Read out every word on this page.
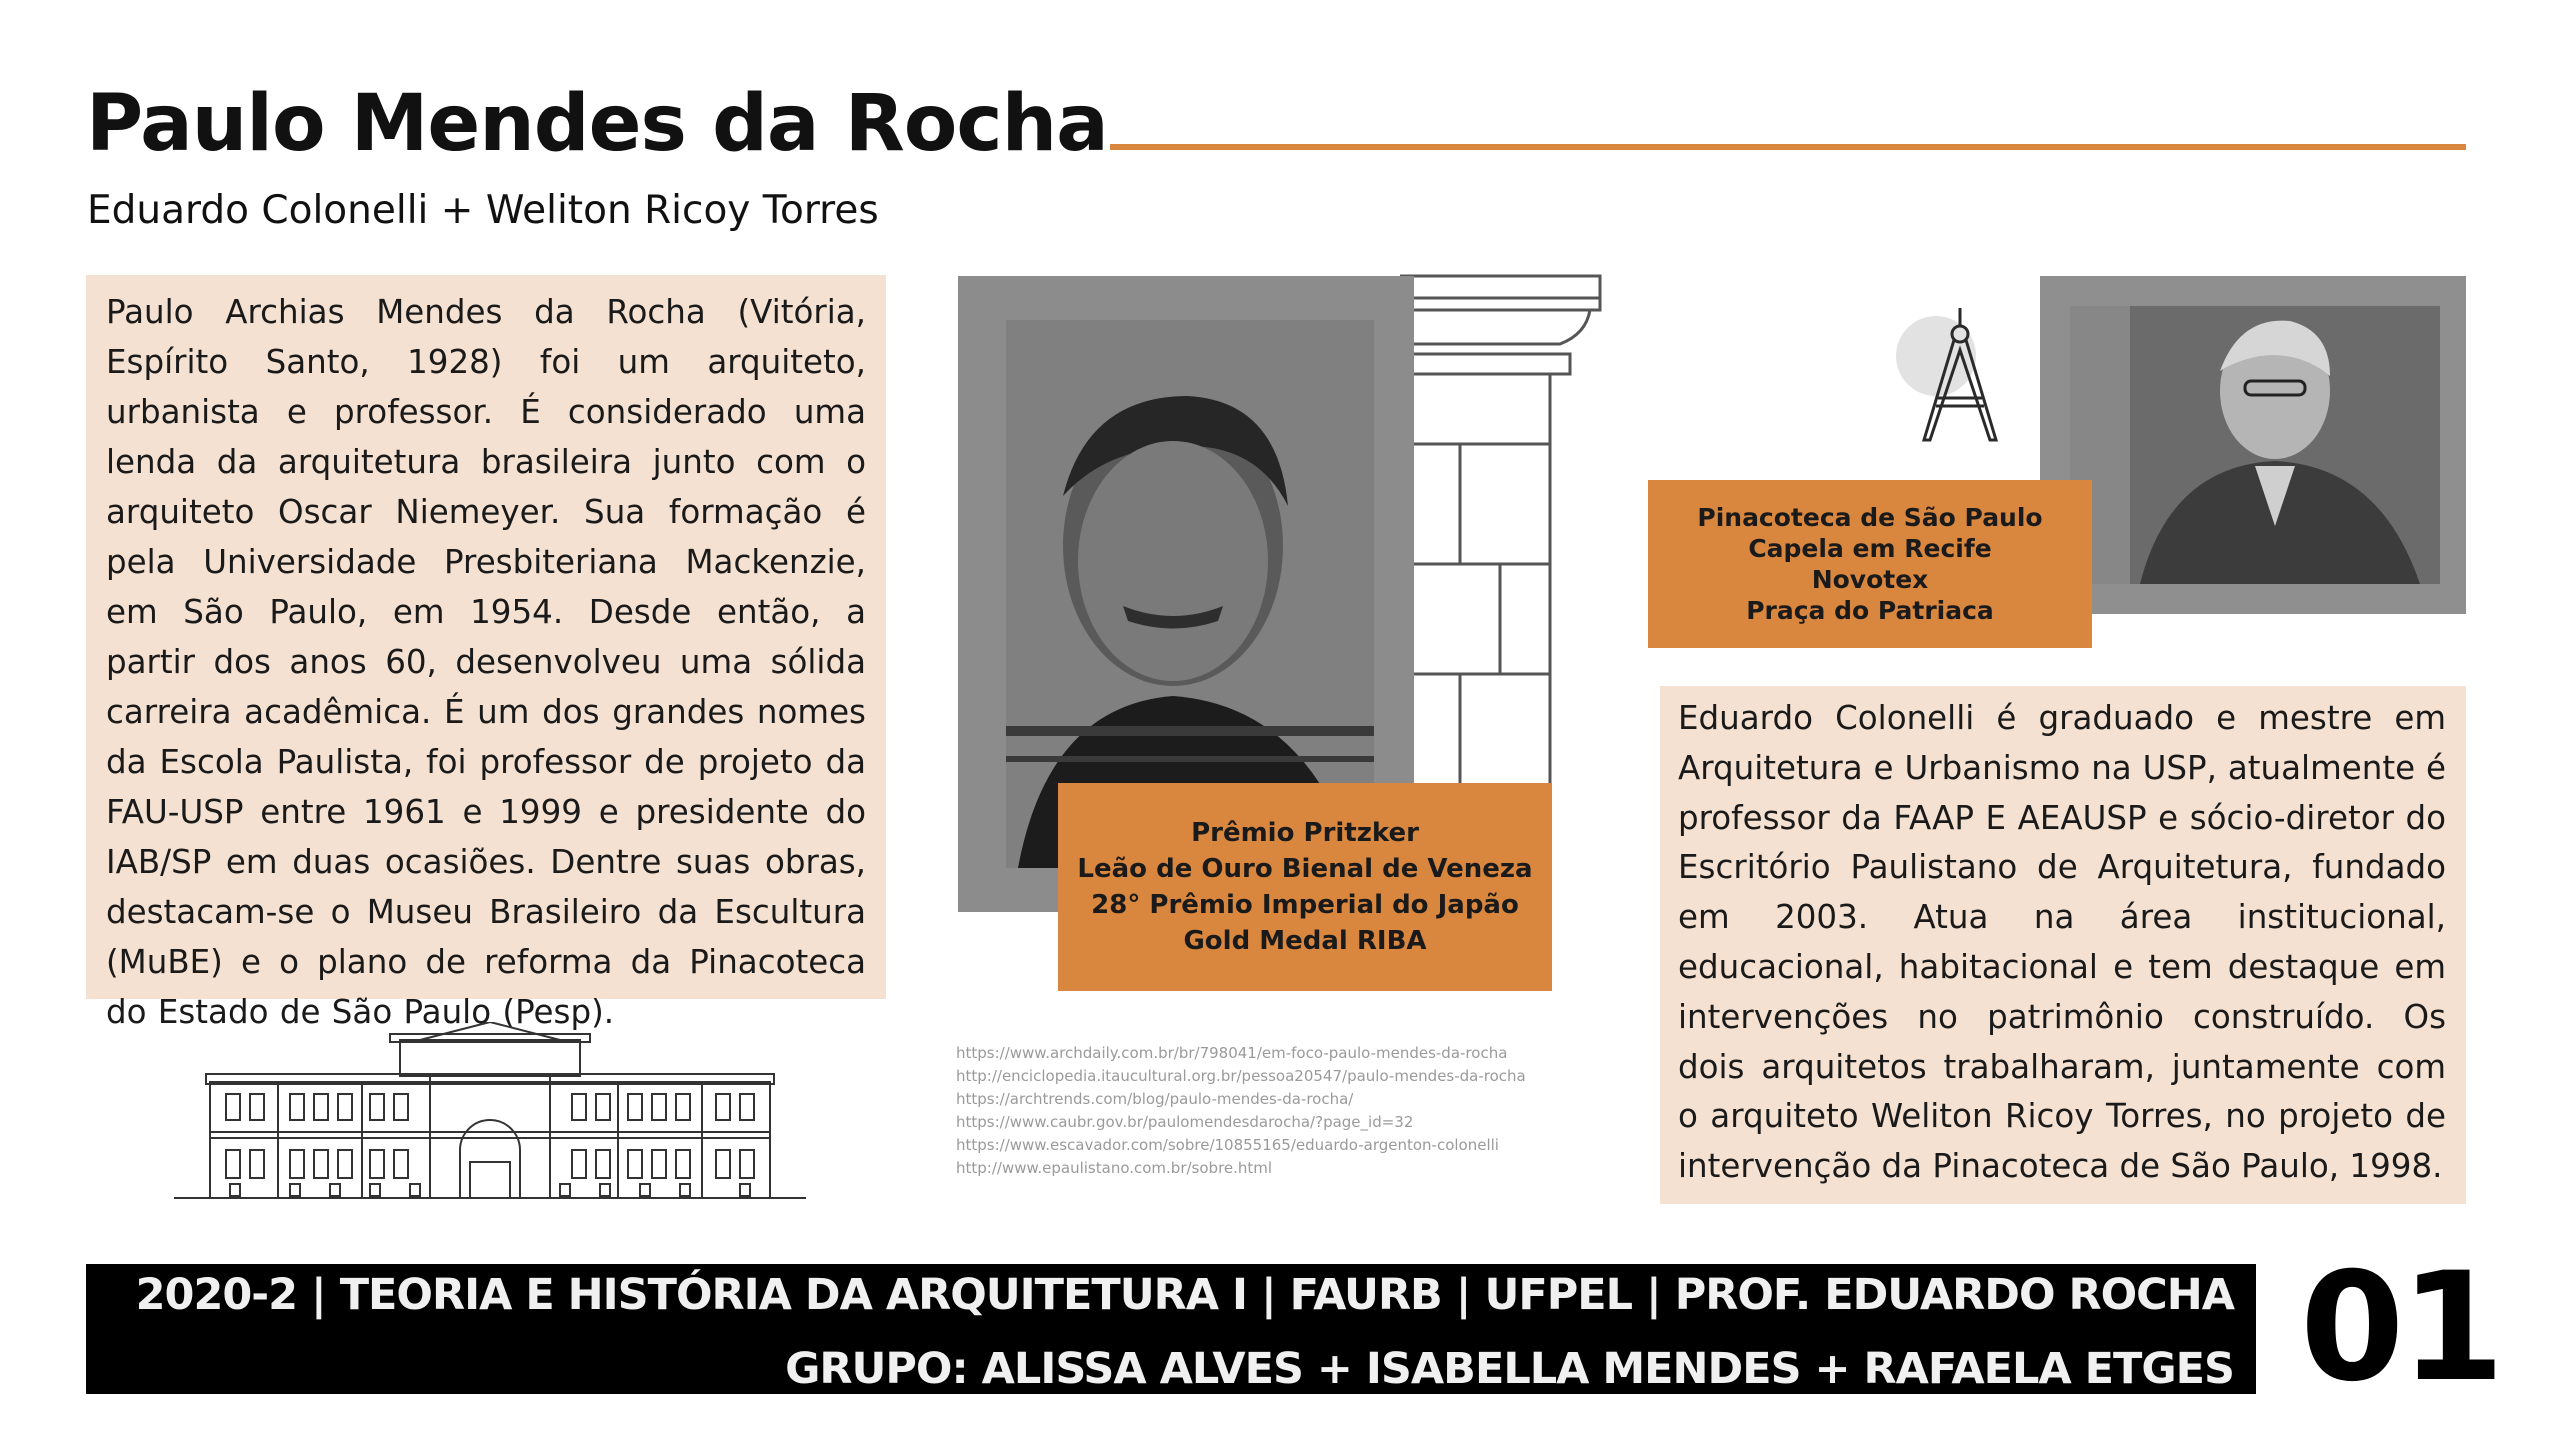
Paulo Mendes da Rocha
Eduardo Colonelli + Weliton Ricoy Torres

Paulo Archias Mendes da Rocha (Vitória, Espírito Santo, 1928) foi um arquiteto, urbanista e professor. É considerado uma lenda da arquitetura brasileira junto com o arquiteto Oscar Niemeyer. Sua formação é pela Universidade Presbiteriana Mackenzie, em São Paulo, em 1954. Desde então, a partir dos anos 60, desenvolveu uma sólida carreira acadêmica. É um dos grandes nomes da Escola Paulista, foi professor de projeto da FAU-USP entre 1961 e 1999 e presidente do IAB/SP em duas ocasiões. Dentre suas obras, destacam-se o Museu Brasileiro da Escultura (MuBE) e o plano de reforma da Pinacoteca do Estado de São Paulo (Pesp).

Prêmio Pritzker
Leão de Ouro Bienal de Veneza
28° Prêmio Imperial do Japão
Gold Medal RIBA
https://www.archdaily.com.br/br/798041/em-foco-paulo-mendes-da-rocha
http://enciclopedia.itaucultural.org.br/pessoa20547/paulo-mendes-da-rocha
https://archtrends.com/blog/paulo-mendes-da-rocha/
https://www.caubr.gov.br/paulomendesdarocha/?page_id=32
https://www.escavador.com/sobre/10855165/eduardo-argenton-colonelli
http://www.epaulistano.com.br/sobre.html
Pinacoteca de São Paulo
Capela em Recife
Novotex
Praça do Patriaca

Eduardo Colonelli é graduado e mestre em Arquitetura e Urbanismo na USP, atualmente é professor da FAAP E AEAUSP e sócio-diretor do Escritório Paulistano de Arquitetura, fundado em 2003. Atua na área institucional, educacional, habitacional e tem destaque em intervenções no patrimônio construído. Os dois arquitetos trabalharam, juntamente com o arquiteto Weliton Ricoy Torres, no projeto de intervenção da Pinacoteca de São Paulo, 1998.

2020-2 | TEORIA E HISTÓRIA DA ARQUITETURA I | FAURB | UFPEL | PROF. EDUARDO ROCHA
GRUPO: ALISSA ALVES + ISABELLA MENDES + RAFAELA ETGES 01
